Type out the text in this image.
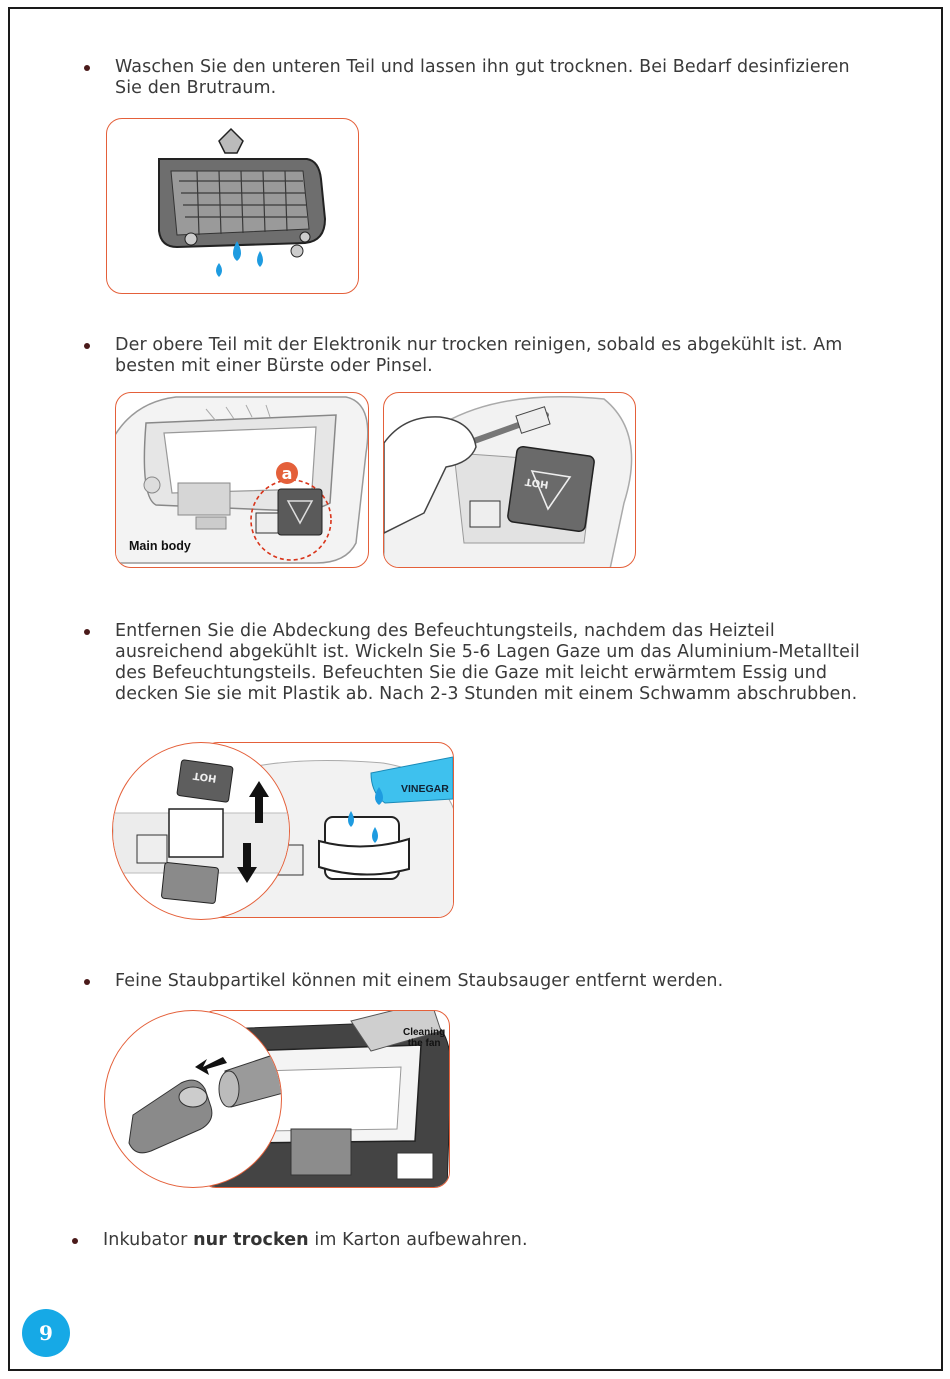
Waschen Sie den unteren Teil und lassen ihn gut trocknen. Bei Bedarf desinfizieren Sie den Brutraum.
Der obere Teil mit der Elektronik nur trocken reinigen, sobald es abgekühlt ist. Am besten mit einer Bürste oder Pinsel.
a
Main body
HOT
Entfernen Sie die Abdeckung des Befeuchtungsteils, nachdem das Heizteil ausreichend abgekühlt ist. Wickeln Sie 5-6 Lagen Gaze um das Aluminium-Metallteil des Befeuchtungsteils. Befeuchten Sie die Gaze mit leicht erwärmtem Essig und decken Sie sie mit Plastik ab. Nach 2-3 Stunden mit einem Schwamm abschrubben.
VINEGAR
HOT
Feine Staubpartikel können mit einem Staubsauger entfernt werden.
Cleaning
the fan
Inkubator nur trocken im Karton aufbewahren.
9
